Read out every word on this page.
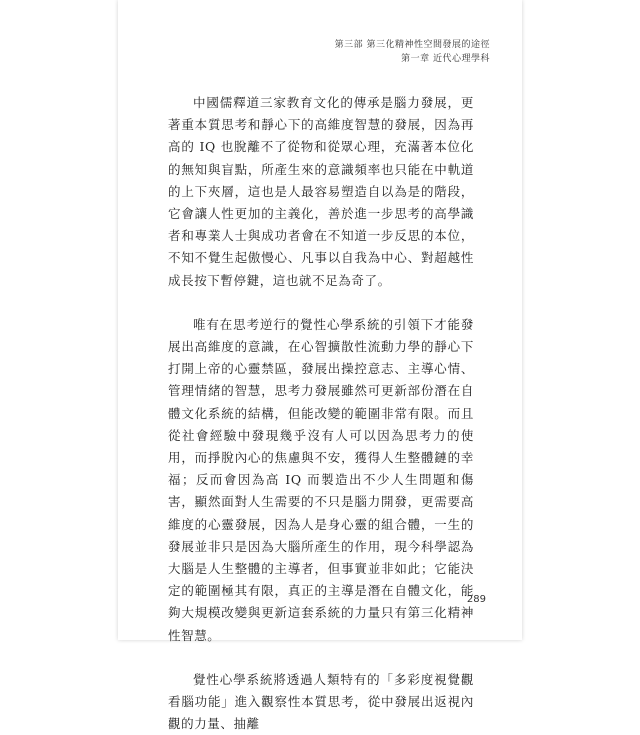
第三部 第三化精神性空間發展的途徑
第一章 近代心理學科

中國儒釋道三家教育文化的傳承是腦力發展，更著重本質思考和靜心下的高維度智慧的發展，因為再高的 IQ 也脫離不了從物和從眾心理，充滿著本位化的無知與盲點，所產生來的意識頻率也只能在中軌道的上下夾層，這也是人最容易塑造自以為是的階段，它會讓人性更加的主義化，善於進一步思考的高學識者和專業人士與成功者會在不知道一步反思的本位，不知不覺生起傲慢心、凡事以自我為中心、對超越性成長按下暫停鍵，這也就不足為奇了。

唯有在思考逆行的覺性心學系統的引領下才能發展出高維度的意識，在心智擴散性流動力學的靜心下打開上帝的心靈禁區，發展出操控意志、主導心情、管理情緒的智慧，思考力發展雖然可更新部份潛在自體文化系統的結構，但能改變的範圍非常有限。而且從社會經驗中發現幾乎沒有人可以因為思考力的使用，而掙脫內心的焦慮與不安，獲得人生整體鏈的幸福；反而會因為高 IQ 而製造出不少人生問題和傷害，顯然面對人生需要的不只是腦力開發，更需要高維度的心靈發展，因為人是身心靈的組合體，一生的發展並非只是因為大腦所產生的作用，現今科學認為大腦是人生整體的主導者，但事實並非如此；它能決定的範圍極其有限，真正的主導是潛在自體文化，能夠大規模改變與更新這套系統的力量只有第三化精神性智慧。

覺性心學系統將透過人類特有的「多彩度視覺觀看腦功能」進入觀察性本質思考，從中發展出返視內觀的力量、抽離

289
